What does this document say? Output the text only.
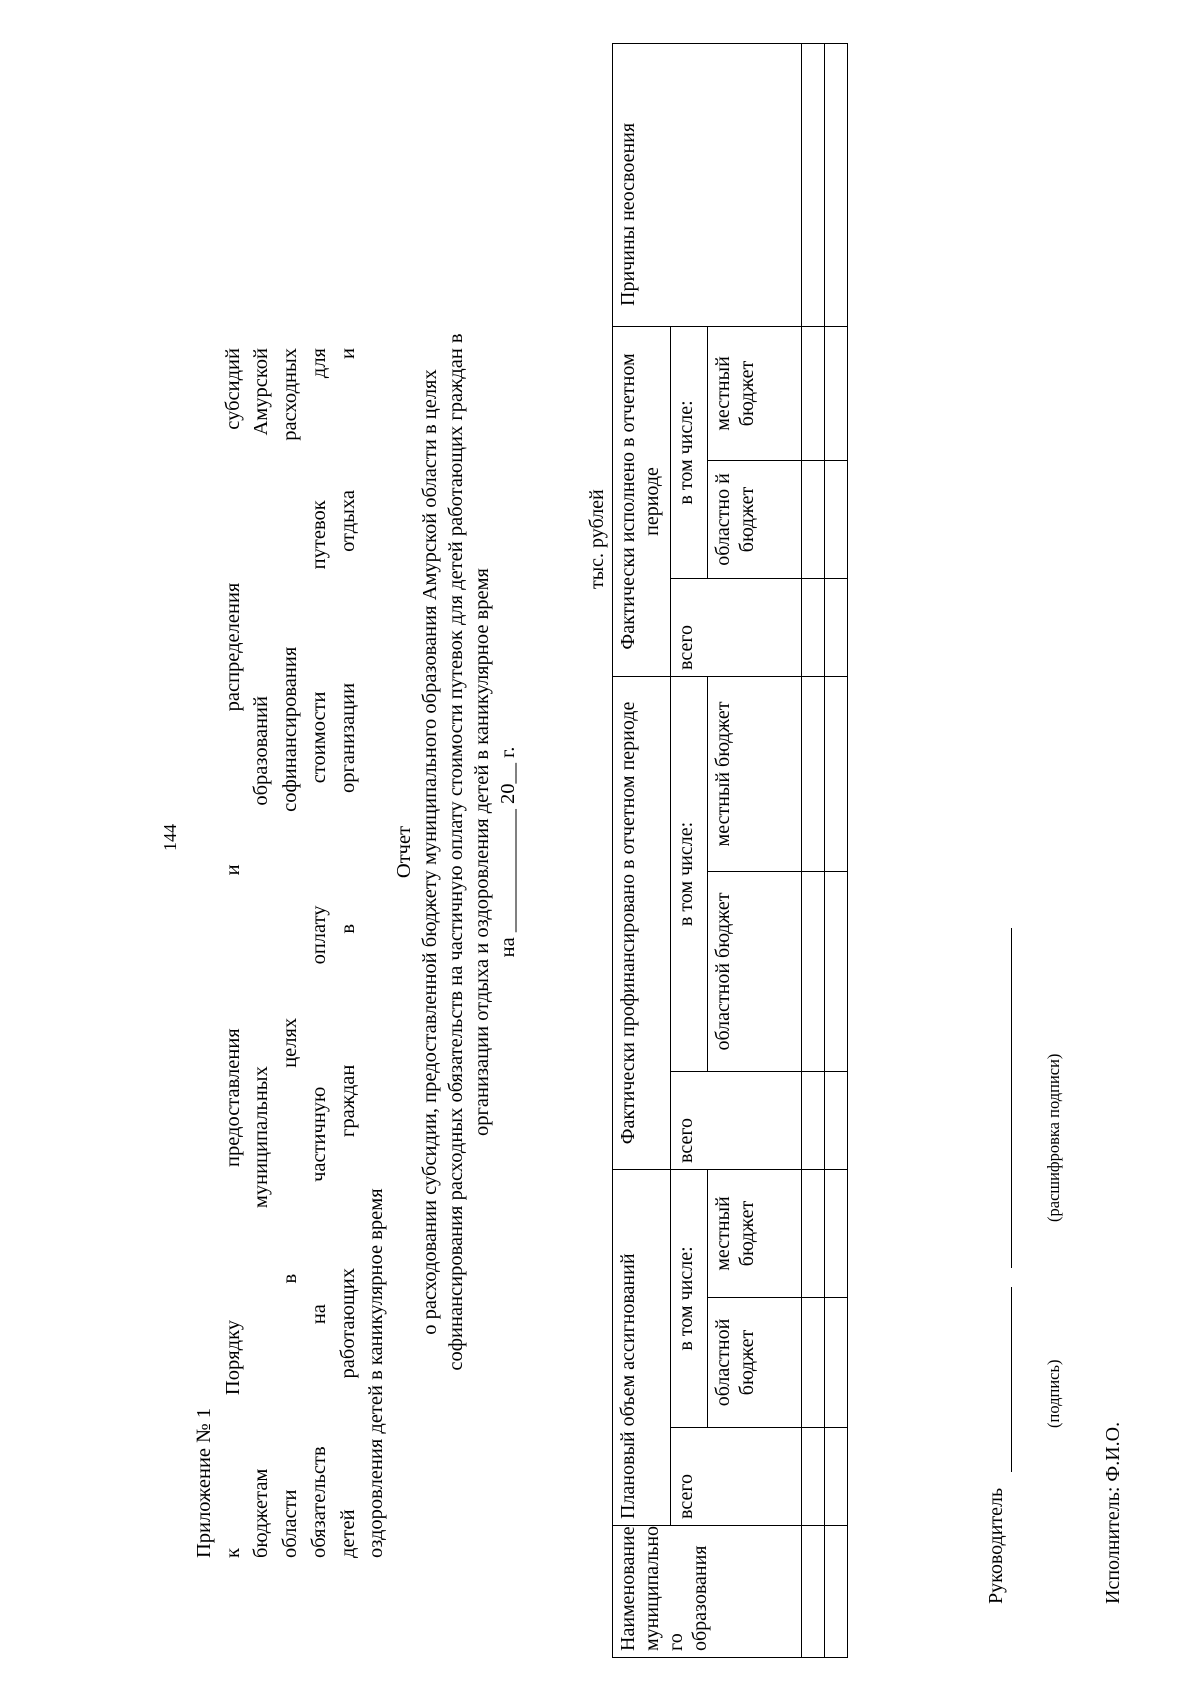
144
Приложение № 1 к Порядку предоставления и распределения субсидий бюджетам муниципальных образований Амурской области в целях софинансирования расходных обязательств на частичную оплату стоимости путевок для детей работающих граждан в организации отдыха и оздоровления детей в каникулярное время
Отчет о расходовании субсидии, предоставленной бюджету муниципального образования Амурской области в целях софинансирования расходных обязательств на частичную оплату стоимости путевок для детей работающих граждан в организации отдыха и оздоровления детей в каникулярное время на ____________ 20__ г.
тыс. рублей
Наименование муниципально го образования	Плановый объем ассигнований			Фактически профинансировано в отчетном периоде			Фактически исполнено в отчетном периоде			Причины неосвоения
	всего	в том числе:		всего	в том числе:		всего	в том числе:		
		областной бюджет	местный бюджет		областной бюджет	местный бюджет		областно й бюджет	местный бюджет	

Руководитель
(подпись)
(расшифровка подписи)
Исполнитель: Ф.И.О.
